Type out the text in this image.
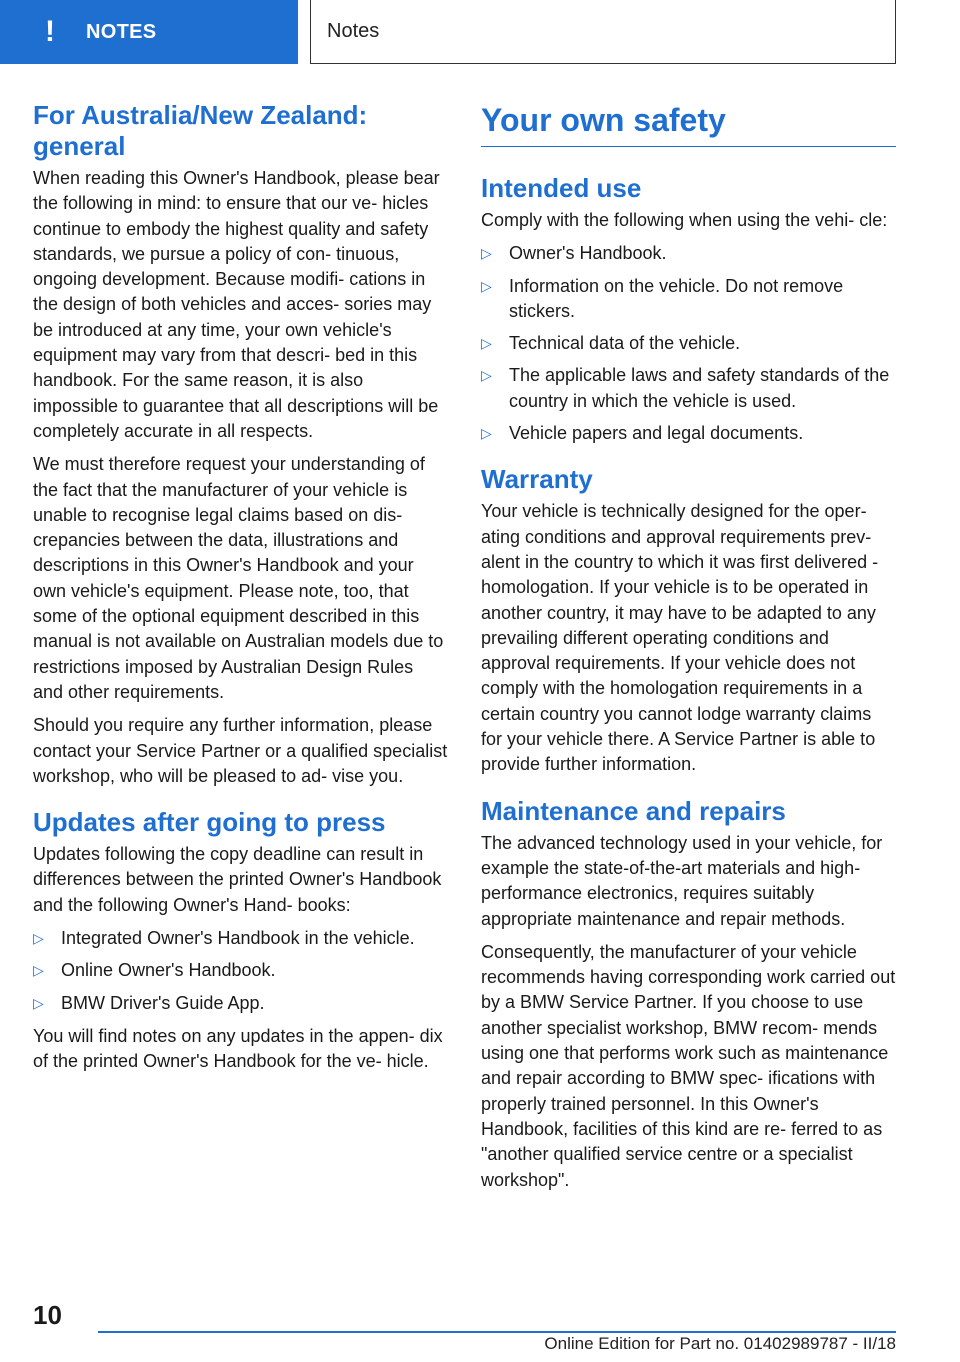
! NOTES	Notes
For Australia/New Zealand: general

When reading this Owner's Handbook, please bear the following in mind: to ensure that our ve‐ hicles continue to embody the highest quality and safety standards, we pursue a policy of con‐ tinuous, ongoing development. Because modifi‐ cations in the design of both vehicles and acces‐ sories may be introduced at any time, your own vehicle's equipment may vary from that descri‐ bed in this handbook. For the same reason, it is also impossible to guarantee that all descriptions will be completely accurate in all respects.

We must therefore request your understanding of the fact that the manufacturer of your vehicle is unable to recognise legal claims based on dis‐ crepancies between the data, illustrations and descriptions in this Owner's Handbook and your own vehicle's equipment. Please note, too, that some of the optional equipment described in this manual is not available on Australian models due to restrictions imposed by Australian Design Rules and other requirements.

Should you require any further information, please contact your Service Partner or a qualified specialist workshop, who will be pleased to ad‐ vise you.

Updates after going to press

Updates following the copy deadline can result in differences between the printed Owner's Handbook and the following Owner's Hand‐ books:

▷ Integrated Owner's Handbook in the vehicle.
▷ Online Owner's Handbook.
▷ BMW Driver's Guide App.

You will find notes on any updates in the appen‐ dix of the printed Owner's Handbook for the ve‐ hicle.

Your own safety
Intended use

Comply with the following when using the vehi‐ cle:

▷ Owner's Handbook.
▷ Information on the vehicle. Do not remove stickers.
▷ Technical data of the vehicle.
▷ The applicable laws and safety standards of the country in which the vehicle is used.
▷ Vehicle papers and legal documents.
Warranty

Your vehicle is technically designed for the oper‐ ating conditions and approval requirements prev‐ alent in the country to which it was first delivered - homologation. If your vehicle is to be operated in another country, it may have to be adapted to any prevailing different operating conditions and approval requirements. If your vehicle does not comply with the homologation requirements in a certain country you cannot lodge warranty claims for your vehicle there. A Service Partner is able to provide further information.

Maintenance and repairs

The advanced technology used in your vehicle, for example the state-of-the-art materials and high-performance electronics, requires suitably appropriate maintenance and repair methods.

Consequently, the manufacturer of your vehicle recommends having corresponding work carried out by a BMW Service Partner. If you choose to use another specialist workshop, BMW recom‐ mends using one that performs work such as maintenance and repair according to BMW spec‐ ifications with properly trained personnel. In this Owner's Handbook, facilities of this kind are re‐ ferred to as "another qualified service centre or a specialist workshop".

10
Online Edition for Part no. 01402989787 - II/18
